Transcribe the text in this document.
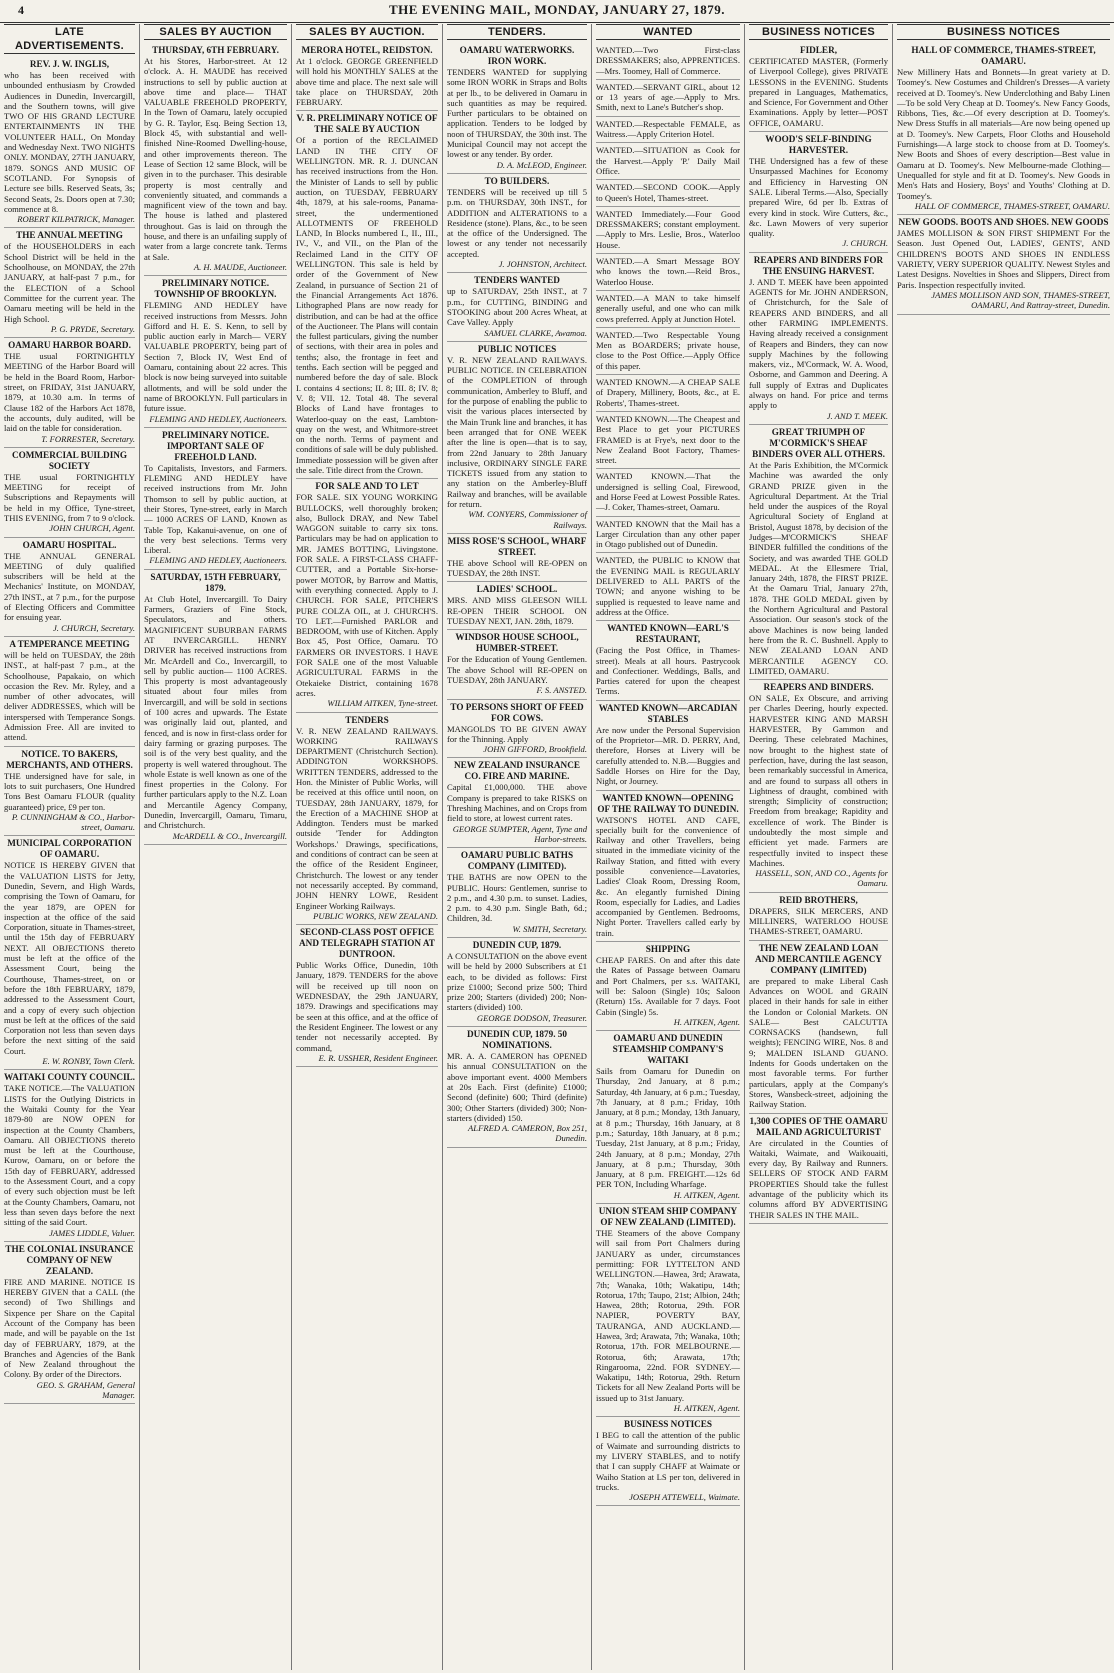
4	THE EVENING MAIL, MONDAY, JANUARY 27, 1879.
LATE ADVERTISEMENTS.
REV. J. W. INGLIS,
who has been received with unbounded enthusiasm by Crowded Audiences in Dunedin, Invercargill, and the Southern towns, will give TWO OF HIS GRAND LECTURE ENTERTAINMENTS IN THE VOLUNTEER HALL, On Monday and Wednesday Next. TWO NIGHTS ONLY. MONDAY, 27TH JANUARY, 1879. SONGS AND MUSIC OF SCOTLAND. For Synopsis of Lecture see bills. Reserved Seats, 3s; Second Seats, 2s. Doors open at 7.30; commence at 8.
ROBERT KILPATRICK, Manager.
THE ANNUAL MEETING
of the HOUSEHOLDERS in each School District will be held in the Schoolhouse, on MONDAY, the 27th JANUARY, at half-past 7 p.m., for the ELECTION of a School Committee for the current year. The Oamaru meeting will be held in the High School.
P. G. PRYDE, Secretary.
OAMARU HARBOR BOARD.
THE usual FORTNIGHTLY MEETING of the Harbor Board will be held in the Board Room, Harbor-street, on FRIDAY, 31st JANUARY, 1879, at 10.30 a.m. In terms of Clause 182 of the Harbors Act 1878, the accounts, duly audited, will be laid on the table for consideration.
T. FORRESTER, Secretary.
COMMERCIAL BUILDING SOCIETY
THE usual FORTNIGHTLY MEETING for receipt of Subscriptions and Repayments will be held in my Office, Tyne-street, THIS EVENING, from 7 to 9 o'clock.
JOHN CHURCH, Agent.
OAMARU HOSPITAL.
THE ANNUAL GENERAL MEETING of duly qualified subscribers will be held at the Mechanics' Institute, on MONDAY, 27th INST., at 7 p.m., for the purpose of Electing Officers and Committee for ensuing year.
J. CHURCH, Secretary.
A TEMPERANCE MEETING
will be held on TUESDAY, the 28th INST., at half-past 7 p.m., at the Schoolhouse, Papakaio, on which occasion the Rev. Mr. Ryley, and a number of other advocates, will deliver ADDRESSES, which will be interspersed with Temperance Songs. Admission Free. All are invited to attend.
NOTICE. TO BAKERS, MERCHANTS, AND OTHERS.
THE undersigned have for sale, in lots to suit purchasers, One Hundred Tons Best Oamaru FLOUR (quality guaranteed) price, £9 per ton.
P. CUNNINGHAM & CO., Harbor-street, Oamaru.
MUNICIPAL CORPORATION OF OAMARU.
NOTICE IS HEREBY GIVEN that the VALUATION LISTS for Jetty, Dunedin, Severn, and High Wards, comprising the Town of Oamaru, for the year 1879, are OPEN for inspection at the office of the said Corporation, situate in Thames-street, until the 15th day of FEBRUARY NEXT. All OBJECTIONS thereto must be left at the office of the Assessment Court, being the Courthouse, Thames-street, on or before the 18th FEBRUARY, 1879, addressed to the Assessment Court, and a copy of every such objection must be left at the offices of the said Corporation not less than seven days before the next sitting of the said Court.
E. W. RONBY, Town Clerk.
WAITAKI COUNTY COUNCIL.
TAKE NOTICE.—The VALUATION LISTS for the Outlying Districts in the Waitaki County for the Year 1879-80 are NOW OPEN for inspection at the County Chambers, Oamaru. All OBJECTIONS thereto must be left at the Courthouse, Kurow, Oamaru, on or before the 15th day of FEBRUARY, addressed to the Assessment Court, and a copy of every such objection must be left at the County Chambers, Oamaru, not less than seven days before the next sitting of the said Court.
JAMES LIDDLE, Valuer.
THE COLONIAL INSURANCE COMPANY OF NEW ZEALAND.
FIRE AND MARINE. NOTICE IS HEREBY GIVEN that a CALL (the second) of Two Shillings and Sixpence per Share on the Capital Account of the Company has been made, and will be payable on the 1st day of FEBRUARY, 1879, at the Branches and Agencies of the Bank of New Zealand throughout the Colony. By order of the Directors.
GEO. S. GRAHAM, General Manager.
SALES BY AUCTION
THURSDAY, 6TH FEBRUARY.
At his Stores, Harbor-street. At 12 o'clock. A. H. MAUDE has received instructions to sell by public auction at above time and place— THAT VALUABLE FREEHOLD PROPERTY, In the Town of Oamaru, lately occupied by G. R. Taylor, Esq. Being Section 13, Block 45, with substantial and well-finished Nine-Roomed Dwelling-house, and other improvements thereon. The Lease of Section 12 same Block, will be given in to the purchaser. This desirable property is most centrally and conveniently situated, and commands a magnificent view of the town and bay. The house is lathed and plastered throughout. Gas is laid on through the house, and there is an unfailing supply of water from a large concrete tank. Terms at Sale.
A. H. MAUDE, Auctioneer.
PRELIMINARY NOTICE. TOWNSHIP OF BROOKLYN.
FLEMING AND HEDLEY have received instructions from Messrs. John Gifford and H. E. S. Kenn, to sell by public auction early in March— VERY VALUABLE PROPERTY, being part of Section 7, Block IV, West End of Oamaru, containing about 22 acres. This block is now being surveyed into suitable allotments, and will be sold under the name of BROOKLYN. Full particulars in future issue.
FLEMING AND HEDLEY, Auctioneers.
PRELIMINARY NOTICE. IMPORTANT SALE OF FREEHOLD LAND.
To Capitalists, Investors, and Farmers. FLEMING AND HEDLEY have received instructions from Mr. John Thomson to sell by public auction, at their Stores, Tyne-street, early in March— 1000 ACRES OF LAND, Known as Table Top, Kakanui-avenue, on one of the very best selections. Terms very Liberal.
FLEMING AND HEDLEY, Auctioneers.
SATURDAY, 15TH FEBRUARY, 1879.
At Club Hotel, Invercargill. To Dairy Farmers, Graziers of Fine Stock, Speculators, and others. MAGNIFICENT SUBURBAN FARMS AT INVERCARGILL. HENRY DRIVER has received instructions from Mr. McArdell and Co., Invercargill, to sell by public auction— 1100 ACRES. This property is most advantageously situated about four miles from Invercargill, and will be sold in sections of 100 acres and upwards. The Estate was originally laid out, planted, and fenced, and is now in first-class order for dairy farming or grazing purposes. The soil is of the very best quality, and the property is well watered throughout. The whole Estate is well known as one of the finest properties in the Colony. For further particulars apply to the N.Z. Loan and Mercantile Agency Company, Dunedin, Invercargill, Oamaru, Timaru, and Christchurch.
McARDELL & CO., Invercargill.
SALES BY AUCTION.
MERORA HOTEL, REIDSTON.
At 1 o'clock. GEORGE GREENFIELD will hold his MONTHLY SALES at the above time and place. The next sale will take place on THURSDAY, 20th FEBRUARY.
V. R. PRELIMINARY NOTICE OF THE SALE BY AUCTION
Of a portion of the RECLAIMED LAND IN THE CITY OF WELLINGTON. MR. R. J. DUNCAN has received instructions from the Hon. the Minister of Lands to sell by public auction, on TUESDAY, FEBRUARY 4th, 1879, at his sale-rooms, Panama-street, the undermentioned ALLOTMENTS OF FREEHOLD LAND, In Blocks numbered I., II., III., IV., V., and VII., on the Plan of the Reclaimed Land in the CITY OF WELLINGTON. This sale is held by order of the Government of New Zealand, in pursuance of Section 21 of the Financial Arrangements Act 1876. Lithographed Plans are now ready for distribution, and can be had at the office of the Auctioneer. The Plans will contain the fullest particulars, giving the number of sections, with their area in poles and tenths; also, the frontage in feet and tenths. Each section will be pegged and numbered before the day of sale. Block I. contains 4 sections; II. 8; III. 8; IV. 8; V. 8; VII. 12. Total 48. The several Blocks of Land have frontages to Waterloo-quay on the east, Lambton-quay on the west, and Whitmore-street on the north. Terms of payment and conditions of sale will be duly published. Immediate possession will be given after the sale. Title direct from the Crown.
FOR SALE AND TO LET
FOR SALE. SIX YOUNG WORKING BULLOCKS, well thoroughly broken; also, Bullock DRAY, and New Tabel WAGGON suitable to carry six tons. Particulars may be had on application to MR. JAMES BOTTING, Livingstone. FOR SALE. A FIRST-CLASS CHAFF-CUTTER, and a Portable Six-horse-power MOTOR, by Barrow and Mattis, with everything connected. Apply to J. CHURCH. FOR SALE, PITCHER'S PURE COLZA OIL, at J. CHURCH'S. TO LET.—Furnished PARLOR and BEDROOM, with use of Kitchen. Apply Box 45, Post Office, Oamaru. TO FARMERS OR INVESTORS. I HAVE FOR SALE one of the most Valuable AGRICULTURAL FARMS in the Otekaieke District, containing 1678 acres.
WILLIAM AITKEN, Tyne-street.
TENDERS
V. R. NEW ZEALAND RAILWAYS. WORKING RAILWAYS DEPARTMENT (Christchurch Section). ADDINGTON WORKSHOPS. WRITTEN TENDERS, addressed to the Hon. the Minister of Public Works, will be received at this office until noon, on TUESDAY, 28th JANUARY, 1879, for the Erection of a MACHINE SHOP at Addington. Tenders must be marked outside 'Tender for Addington Workshops.' Drawings, specifications, and conditions of contract can be seen at the office of the Resident Engineer, Christchurch. The lowest or any tender not necessarily accepted. By command, JOHN HENRY LOWE, Resident Engineer Working Railways.
PUBLIC WORKS, NEW ZEALAND.
SECOND-CLASS POST OFFICE AND TELEGRAPH STATION AT DUNTROON.
Public Works Office, Dunedin, 10th January, 1879. TENDERS for the above will be received up till noon on WEDNESDAY, the 29th JANUARY, 1879. Drawings and specifications may be seen at this office, and at the office of the Resident Engineer. The lowest or any tender not necessarily accepted. By command,
E. R. USSHER, Resident Engineer.
TENDERS.
OAMARU WATERWORKS. IRON WORK.
TENDERS WANTED for supplying some IRON WORK in Straps and Bolts at per lb., to be delivered in Oamaru in such quantities as may be required. Further particulars to be obtained on application. Tenders to be lodged by noon of THURSDAY, the 30th inst. The Municipal Council may not accept the lowest or any tender. By order.
D. A. McLEOD, Engineer.
TO BUILDERS.
TENDERS will be received up till 5 p.m. on THURSDAY, 30th INST., for ADDITION and ALTERATIONS to a Residence (stone). Plans, &c., to be seen at the office of the Undersigned. The lowest or any tender not necessarily accepted.
J. JOHNSTON, Architect.
TENDERS WANTED
up to SATURDAY, 25th INST., at 7 p.m., for CUTTING, BINDING and STOOKING about 200 Acres Wheat, at Cave Valley. Apply
SAMUEL CLARKE, Awamoa.
PUBLIC NOTICES
V. R. NEW ZEALAND RAILWAYS. PUBLIC NOTICE. IN CELEBRATION of the COMPLETION of through communication, Amberley to Bluff, and for the purpose of enabling the public to visit the various places intersected by the Main Trunk line and branches, it has been arranged that for ONE WEEK after the line is open—that is to say, from 22nd January to 28th January inclusive, ORDINARY SINGLE FARE TICKETS issued from any station to any station on the Amberley-Bluff Railway and branches, will be available for return.
WM. CONYERS, Commissioner of Railways.
MISS ROSE'S SCHOOL, WHARF STREET.
THE above School will RE-OPEN on TUESDAY, the 28th INST.
LADIES' SCHOOL.
MRS. AND MISS GLEESON WILL RE-OPEN THEIR SCHOOL ON TUESDAY NEXT, JAN. 28th, 1879.
WINDSOR HOUSE SCHOOL, HUMBER-STREET.
For the Education of Young Gentlemen. The above School will RE-OPEN on TUESDAY, 28th JANUARY.
F. S. ANSTED.
TO PERSONS SHORT OF FEED FOR COWS.
MANGOLDS TO BE GIVEN AWAY for the Thinning. Apply
JOHN GIFFORD, Brookfield.
NEW ZEALAND INSURANCE CO. FIRE AND MARINE.
Capital £1,000,000. THE above Company is prepared to take RISKS on Threshing Machines, and on Crops from field to store, at lowest current rates.
GEORGE SUMPTER, Agent, Tyne and Harbor-streets.
OAMARU PUBLIC BATHS COMPANY (LIMITED).
THE BATHS are now OPEN to the PUBLIC. Hours: Gentlemen, sunrise to 2 p.m., and 4.30 p.m. to sunset. Ladies, 2 p.m. to 4.30 p.m. Single Bath, 6d.; Children, 3d.
W. SMITH, Secretary.
DUNEDIN CUP, 1879.
A CONSULTATION on the above event will be held by 2000 Subscribers at £1 each, to be divided as follows: First prize £1000; Second prize 500; Third prize 200; Starters (divided) 200; Non-starters (divided) 100.
GEORGE DODSON, Treasurer.
DUNEDIN CUP, 1879. 50 NOMINATIONS.
MR. A. A. CAMERON has OPENED his annual CONSULTATION on the above important event. 4000 Members at 20s Each. First (definite) £1000; Second (definite) 600; Third (definite) 300; Other Starters (divided) 300; Non-starters (divided) 150.
ALFRED A. CAMERON, Box 251, Dunedin.
WANTED
WANTED.—Two First-class DRESSMAKERS; also, APPRENTICES.—Mrs. Toomey, Hall of Commerce.
WANTED.—SERVANT GIRL, about 12 or 13 years of age.—Apply to Mrs. Smith, next to Lane's Butcher's shop.
WANTED.—Respectable FEMALE, as Waitress.—Apply Criterion Hotel.
WANTED.—SITUATION as Cook for the Harvest.—Apply 'P.' Daily Mail Office.
WANTED.—SECOND COOK.—Apply to Queen's Hotel, Thames-street.
WANTED Immediately.—Four Good DRESSMAKERS; constant employment.—Apply to Mrs. Leslie, Bros., Waterloo House.
WANTED.—A Smart Message BOY who knows the town.—Reid Bros., Waterloo House.
WANTED.—A MAN to take himself generally useful, and one who can milk cows preferred. Apply at Junction Hotel.
WANTED.—Two Respectable Young Men as BOARDERS; private house, close to the Post Office.—Apply Office of this paper.
WANTED KNOWN.—A CHEAP SALE of Drapery, Millinery, Boots, &c., at E. Roberts', Thames-street.
WANTED KNOWN.—The Cheapest and Best Place to get your PICTURES FRAMED is at Frye's, next door to the New Zealand Boot Factory, Thames-street.
WANTED KNOWN.—That the undersigned is selling Coal, Firewood, and Horse Feed at Lowest Possible Rates.—J. Coker, Thames-street, Oamaru.
WANTED KNOWN that the Mail has a Larger Circulation than any other paper in Otago published out of Dunedin.
WANTED, the PUBLIC to KNOW that the EVENING MAIL is REGULARLY DELIVERED to ALL PARTS of the TOWN; and anyone wishing to be supplied is requested to leave name and address at the Office.
WANTED KNOWN—EARL'S RESTAURANT,
(Facing the Post Office, in Thames-street). Meals at all hours. Pastrycook and Confectioner. Weddings, Balls, and Parties catered for upon the cheapest Terms.
WANTED KNOWN—ARCADIAN STABLES
Are now under the Personal Supervision of the Proprietor—MR. D. PERRY, And, therefore, Horses at Livery will be carefully attended to. N.B.—Buggies and Saddle Horses on Hire for the Day, Night, or Journey.
WANTED KNOWN—OPENING OF THE RAILWAY TO DUNEDIN.
WATSON'S HOTEL AND CAFE, specially built for the convenience of Railway and other Travellers, being situated in the immediate vicinity of the Railway Station, and fitted with every possible convenience—Lavatories, Ladies' Cloak Room, Dressing Room, &c. An elegantly furnished Dining Room, especially for Ladies, and Ladies accompanied by Gentlemen. Bedrooms, Night Porter. Travellers called early by train.
SHIPPING
CHEAP FARES. On and after this date the Rates of Passage between Oamaru and Port Chalmers, per s.s. WAITAKI, will be: Saloon (Single) 10s; Saloon (Return) 15s. Available for 7 days. Foot Cabin (Single) 5s.
H. AITKEN, Agent.
OAMARU AND DUNEDIN STEAMSHIP COMPANY'S WAITAKI
Sails from Oamaru for Dunedin on Thursday, 2nd January, at 8 p.m.; Saturday, 4th January, at 6 p.m.; Tuesday, 7th January, at 8 p.m.; Friday, 10th January, at 8 p.m.; Monday, 13th January, at 8 p.m.; Thursday, 16th January, at 8 p.m.; Saturday, 18th January, at 8 p.m.; Tuesday, 21st January, at 8 p.m.; Friday, 24th January, at 8 p.m.; Monday, 27th January, at 8 p.m.; Thursday, 30th January, at 8 p.m. FREIGHT.—12s 6d PER TON, Including Wharfage.
H. AITKEN, Agent.
UNION STEAM SHIP COMPANY OF NEW ZEALAND (LIMITED).
THE Steamers of the above Company will sail from Port Chalmers during JANUARY as under, circumstances permitting: FOR LYTTELTON AND WELLINGTON.—Hawea, 3rd; Arawata, 7th; Wanaka, 10th; Wakatipu, 14th; Rotorua, 17th; Taupo, 21st; Albion, 24th; Hawea, 28th; Rotorua, 29th. FOR NAPIER, POVERTY BAY, TAURANGA, AND AUCKLAND.—Hawea, 3rd; Arawata, 7th; Wanaka, 10th; Rotorua, 17th. FOR MELBOURNE.—Rotorua, 6th; Arawata, 17th; Ringarooma, 22nd. FOR SYDNEY.—Wakatipu, 14th; Rotorua, 29th. Return Tickets for all New Zealand Ports will be issued up to 31st January.
H. AITKEN, Agent.
BUSINESS NOTICES
I BEG to call the attention of the public of Waimate and surrounding districts to my LIVERY STABLES, and to notify that I can supply CHAFF at Waimate or Waiho Station at LS per ton, delivered in trucks.
JOSEPH ATTEWELL, Waimate.
BUSINESS NOTICES
FIDLER,
CERTIFICATED MASTER, (Formerly of Liverpool College), gives PRIVATE LESSONS in the EVENING. Students prepared in Languages, Mathematics, and Science, For Government and Other Examinations. Apply by letter—POST OFFICE, OAMARU.
WOOD'S SELF-BINDING HARVESTER.
THE Undersigned has a few of these Unsurpassed Machines for Economy and Efficiency in Harvesting ON SALE. Liberal Terms.—Also, Specially prepared Wire, 6d per lb. Extras of every kind in stock. Wire Cutters, &c., &c. Lawn Mowers of very superior quality.
J. CHURCH.
REAPERS AND BINDERS FOR THE ENSUING HARVEST.
J. AND T. MEEK have been appointed AGENTS for Mr. JOHN ANDERSON, of Christchurch, for the Sale of REAPERS AND BINDERS, and all other FARMING IMPLEMENTS. Having already received a consignment of Reapers and Binders, they can now supply Machines by the following makers, viz., M'Cormack, W. A. Wood, Osborne, and Gammon and Deering. A full supply of Extras and Duplicates always on hand. For price and terms apply to
J. AND T. MEEK.
GREAT TRIUMPH OF M'CORMICK'S SHEAF BINDERS OVER ALL OTHERS.
At the Paris Exhibition, the M'Cormick Machine was awarded the only GRAND PRIZE given in the Agricultural Department. At the Trial held under the auspices of the Royal Agricultural Society of England at Bristol, August 1878, by decision of the Judges—M'CORMICK'S SHEAF BINDER fulfilled the conditions of the Society, and was awarded THE GOLD MEDAL. At the Ellesmere Trial, January 24th, 1878, the FIRST PRIZE. At the Oamaru Trial, January 27th, 1878. THE GOLD MEDAL given by the Northern Agricultural and Pastoral Association. Our season's stock of the above Machines is now being landed here from the R. C. Bushnell. Apply to NEW ZEALAND LOAN AND MERCANTILE AGENCY CO. LIMITED, OAMARU.
REAPERS AND BINDERS.
ON SALE, Ex Obscure, and arriving per Charles Deering, hourly expected. HARVESTER KING AND MARSH HARVESTER, By Gammon and Deering. These celebrated Machines, now brought to the highest state of perfection, have, during the last season, been remarkably successful in America, and are found to surpass all others in Lightness of draught, combined with strength; Simplicity of construction; Freedom from breakage; Rapidity and excellence of work. The Binder is undoubtedly the most simple and efficient yet made. Farmers are respectfully invited to inspect these Machines.
HASSELL, SON, AND CO., Agents for Oamaru.
REID BROTHERS,
DRAPERS, SILK MERCERS, AND MILLINERS, WATERLOO HOUSE THAMES-STREET, OAMARU.
THE NEW ZEALAND LOAN AND MERCANTILE AGENCY COMPANY (LIMITED)
are prepared to make Liberal Cash Advances on WOOL and GRAIN placed in their hands for sale in either the London or Colonial Markets. ON SALE— Best CALCUTTA CORNSACKS (handsewn, full weights); FENCING WIRE, Nos. 8 and 9; MALDEN ISLAND GUANO. Indents for Goods undertaken on the most favorable terms. For further particulars, apply at the Company's Stores, Wansbeck-street, adjoining the Railway Station.
1,300 COPIES OF THE OAMARU MAIL AND AGRICULTURIST
Are circulated in the Counties of Waitaki, Waimate, and Waikouaiti, every day, By Railway and Runners. SELLERS OF STOCK AND FARM PROPERTIES Should take the fullest advantage of the publicity which its columns afford BY ADVERTISING THEIR SALES IN THE MAIL.
BUSINESS NOTICES
HALL OF COMMERCE, THAMES-STREET, OAMARU.
New Millinery Hats and Bonnets—In great variety at D. Toomey's. New Costumes and Children's Dresses—A variety received at D. Toomey's. New Underclothing and Baby Linen—To be sold Very Cheap at D. Toomey's. New Fancy Goods, Ribbons, Ties, &c.—Of every description at D. Toomey's. New Dress Stuffs in all materials—Are now being opened up at D. Toomey's. New Carpets, Floor Cloths and Household Furnishings—A large stock to choose from at D. Toomey's. New Boots and Shoes of every description—Best value in Oamaru at D. Toomey's. New Melbourne-made Clothing—Unequalled for style and fit at D. Toomey's. New Goods in Men's Hats and Hosiery, Boys' and Youths' Clothing at D. Toomey's.
HALL OF COMMERCE, THAMES-STREET, OAMARU.
NEW GOODS. BOOTS AND SHOES. NEW GOODS
JAMES MOLLISON & SON FIRST SHIPMENT For the Season. Just Opened Out, LADIES', GENTS', AND CHILDREN'S BOOTS AND SHOES IN ENDLESS VARIETY, VERY SUPERIOR QUALITY. Newest Styles and Latest Designs. Novelties in Shoes and Slippers, Direct from Paris. Inspection respectfully invited.
JAMES MOLLISON AND SON, THAMES-STREET, OAMARU, And Rattray-street, Dunedin.
